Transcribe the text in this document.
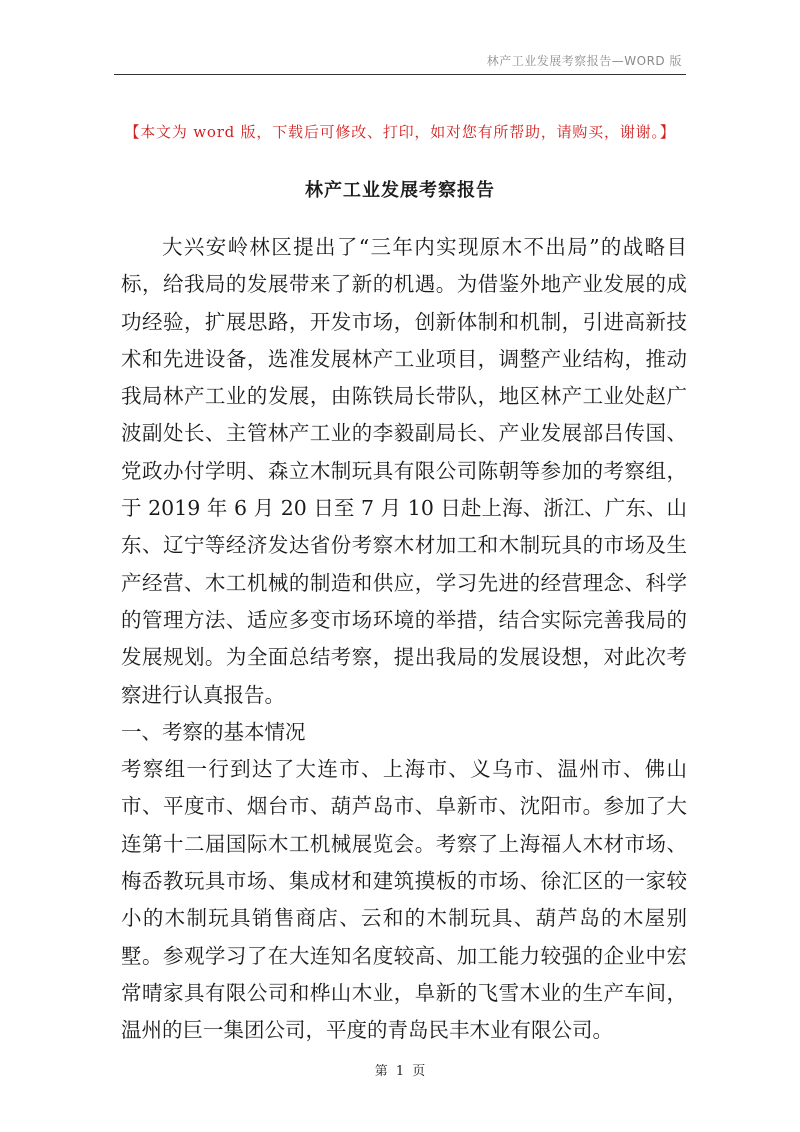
林产工业发展考察报告—WORD 版
【本文为 word 版，下载后可修改、打印，如对您有所帮助，请购买，谢谢。】
林产工业发展考察报告

大兴安岭林区提出了“三年内实现原木不出局”的战略目标，给我局的发展带来了新的机遇。为借鉴外地产业发展的成功经验，扩展思路，开发市场，创新体制和机制，引进高新技术和先进设备，选准发展林产工业项目，调整产业结构，推动我局林产工业的发展，由陈铁局长带队，地区林产工业处赵广波副处长、主管林产工业的李毅副局长、产业发展部吕传国、党政办付学明、森立木制玩具有限公司陈朝等参加的考察组，于 2019 年 6 月 20 日至 7 月 10 日赴上海、浙江、广东、山东、辽宁等经济发达省份考察木材加工和木制玩具的市场及生产经营、木工机械的制造和供应，学习先进的经营理念、科学的管理方法、适应多变市场环境的举措，结合实际完善我局的发展规划。为全面总结考察，提出我局的发展设想，对此次考察进行认真报告。

一、考察的基本情况

考察组一行到达了大连市、上海市、义乌市、温州市、佛山市、平度市、烟台市、葫芦岛市、阜新市、沈阳市。参加了大连第十二届国际木工机械展览会。考察了上海福人木材市场、梅岙教玩具市场、集成材和建筑摸板的市场、徐汇区的一家较小的木制玩具销售商店、云和的木制玩具、葫芦岛的木屋别墅。参观学习了在大连知名度较高、加工能力较强的企业中宏常晴家具有限公司和桦山木业，阜新的飞雪木业的生产车间，温州的巨一集团公司，平度的青岛民丰木业有限公司。

第 1 页
